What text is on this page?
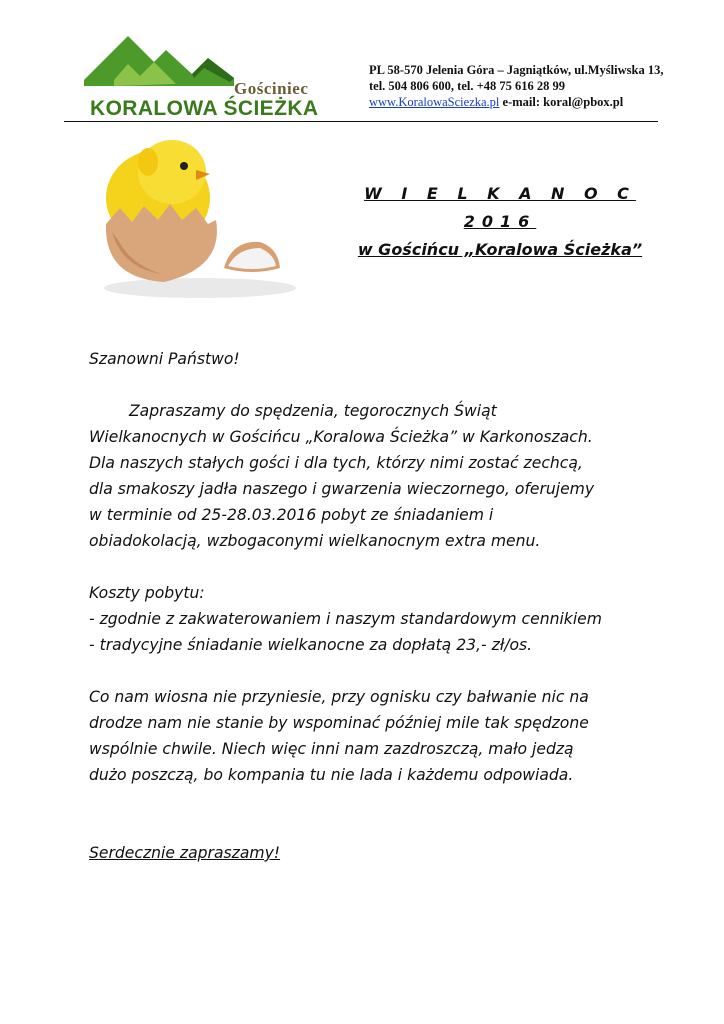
Gościniec
KORALOWA ŚCIEŻKA
PL 58-570 Jelenia Góra – Jagniątków, ul.Myśliwska 13,
tel. 504 806 600, tel. +48 75 616 28 99
www.KoralowaSciezka.pl e-mail: koral@pbox.pl
W I E L K A N O C 2016
w Gościńcu „Koralowa Ścieżka”

Szanowni Państwo!

Zapraszamy do spędzenia, tegorocznych Świąt

Wielkanocnych w Gościńcu „Koralowa Ścieżka” w Karkonoszach.

Dla naszych stałych gości i dla tych, którzy nimi zostać zechcą,

dla smakoszy jadła naszego i gwarzenia wieczornego, oferujemy

w terminie od 25-28.03.2016 pobyt ze śniadaniem i

obiadokolacją, wzbogaconymi wielkanocnym extra menu.

Koszty pobytu:

- zgodnie z zakwaterowaniem i naszym standardowym cennikiem

- tradycyjne śniadanie wielkanocne za dopłatą 23,- zł/os.

Co nam wiosna nie przyniesie, przy ognisku czy bałwanie nic na

drodze nam nie stanie by wspominać później mile tak spędzone

wspólnie chwile. Niech więc inni nam zazdroszczą, mało jedzą

dużo poszczą, bo kompania tu nie lada i każdemu odpowiada.

Serdecznie zapraszamy!
